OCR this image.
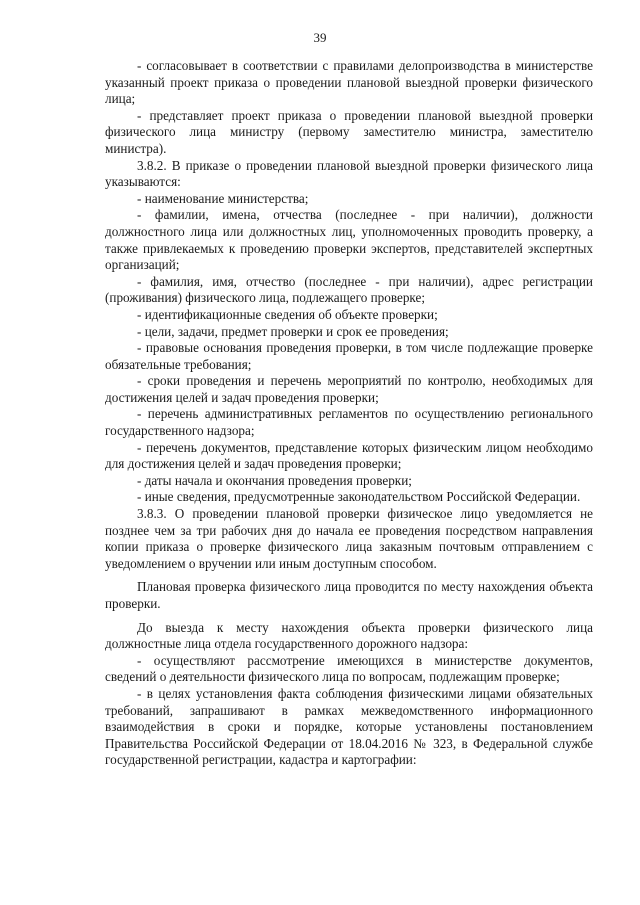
39

- согласовывает в соответствии с правилами делопроизводства в министерстве указанный проект приказа о проведении плановой выездной проверки физического лица;

- представляет проект приказа о проведении плановой выездной проверки физического лица министру (первому заместителю министра, заместителю министра).

3.8.2. В приказе о проведении плановой выездной проверки физического лица указываются:

- наименование министерства;

- фамилии, имена, отчества (последнее - при наличии), должности должностного лица или должностных лиц, уполномоченных проводить проверку, а также привлекаемых к проведению проверки экспертов, представителей экспертных организаций;

- фамилия, имя, отчество (последнее - при наличии), адрес регистрации (проживания) физического лица, подлежащего проверке;

- идентификационные сведения об объекте проверки;

- цели, задачи, предмет проверки и срок ее проведения;

- правовые основания проведения проверки, в том числе подлежащие проверке обязательные требования;

- сроки проведения и перечень мероприятий по контролю, необходимых для достижения целей и задач проведения проверки;

- перечень административных регламентов по осуществлению регионального государственного надзора;

- перечень документов, представление которых физическим лицом необходимо для достижения целей и задач проведения проверки;

- даты начала и окончания проведения проверки;

- иные сведения, предусмотренные законодательством Российской Федерации.

3.8.3. О проведении плановой проверки физическое лицо уведомляется не позднее чем за три рабочих дня до начала ее проведения посредством направления копии приказа о проверке физического лица заказным почтовым отправлением с уведомлением о вручении или иным доступным способом.

Плановая проверка физического лица проводится по месту нахождения объекта проверки.

До выезда к месту нахождения объекта проверки физического лица должностные лица отдела государственного дорожного надзора:

- осуществляют рассмотрение имеющихся в министерстве документов, сведений о деятельности физического лица по вопросам, подлежащим проверке;

- в целях установления факта соблюдения физическими лицами обязательных требований, запрашивают в рамках межведомственного информационного взаимодействия в сроки и порядке, которые установлены постановлением Правительства Российской Федерации от 18.04.2016 № 323, в Федеральной службе государственной регистрации, кадастра и картографии:
